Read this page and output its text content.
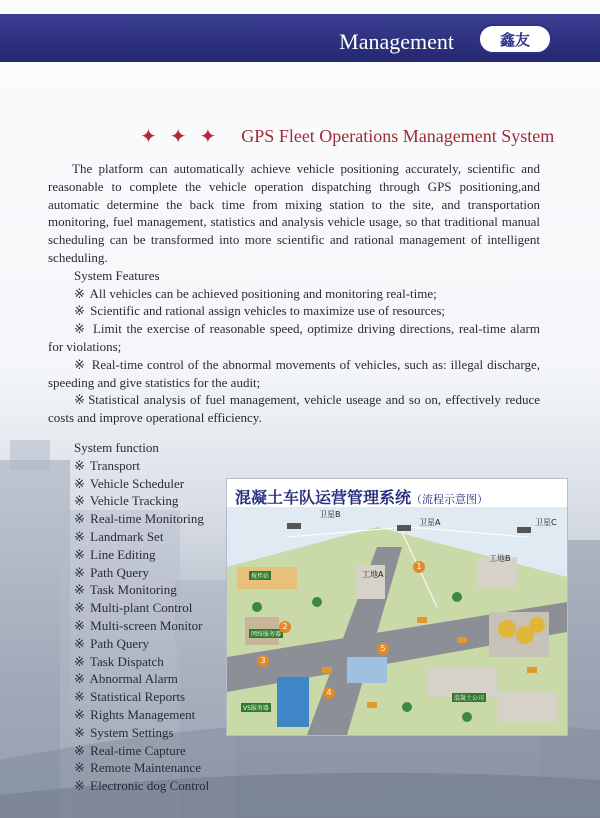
Management	鑫友
✦ ✦ ✦ GPS Fleet Operations Management System

The platform can automatically achieve vehicle positioning accurately, scientific and reasonable to complete the vehicle operation dispatching through GPS positioning,and automatic determine the back time from mixing station to the site, and transportation monitoring, fuel management, statistics and analysis vehicle usage, so that traditional manual scheduling can be transformed into more scientific and rational management of intelligent scheduling.

System Features

※ All vehicles can be achieved positioning and monitoring real-time;

※ Scientific and rational assign vehicles to maximize use of resources;

※ Limit the exercise of reasonable speed, optimize driving directions, real-time alarm for violations;

※ Real-time control of the abnormal movements of vehicles, such as: illegal discharge, speeding and give statistics for the audit;

※ Statistical analysis of fuel management, vehicle useage and so on, effectively reduce costs and improve operational efficiency.

System function
※ Transport
※ Vehicle Scheduler
※ Vehicle Tracking
※ Real-time Monitoring
※ Landmark Set
※ Line Editing
※ Path Query
※ Task Monitoring
※ Multi-plant Control
※ Multi-screen Monitor
※ Path Query
※ Task Dispatch
※ Abnormal Alarm
※ Statistical Reports
※ Rights Management
※ System Settings
※ Real-time Capture
※ Remote Maintenance
※ Electronic dog Control
混凝土车队运营管理系统（流程示意图）
卫星B
卫星A	卫星C
工地A
工地B
搅拌站
网络服务器
VS服务器
混凝土公司
1
2
3
4
5
